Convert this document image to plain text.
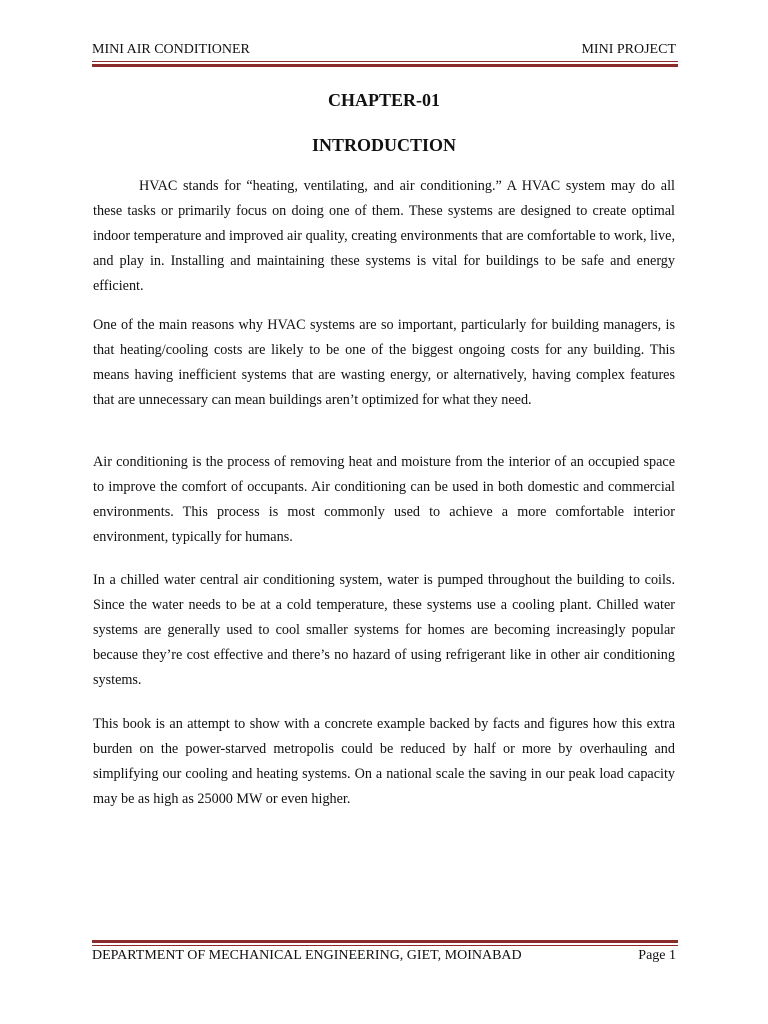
MINI AIR CONDITIONER	MINI PROJECT
CHAPTER-01
INTRODUCTION

HVAC stands for “heating, ventilating, and air conditioning.” A HVAC system may do all these tasks or primarily focus on doing one of them. These systems are designed to create optimal indoor temperature and improved air quality, creating environments that are comfortable to work, live, and play in. Installing and maintaining these systems is vital for buildings to be safe and energy efficient.

One of the main reasons why HVAC systems are so important, particularly for building managers, is that heating/cooling costs are likely to be one of the biggest ongoing costs for any building. This means having inefficient systems that are wasting energy, or alternatively, having complex features that are unnecessary can mean buildings aren’t optimized for what they need.

Air conditioning is the process of removing heat and moisture from the interior of an occupied space to improve the comfort of occupants. Air conditioning can be used in both domestic and commercial environments. This process is most commonly used to achieve a more comfortable interior environment, typically for humans.

In a chilled water central air conditioning system, water is pumped throughout the building to coils. Since the water needs to be at a cold temperature, these systems use a cooling plant. Chilled water systems are generally used to cool smaller systems for homes are becoming increasingly popular because they’re cost effective and there’s no hazard of using refrigerant like in other air conditioning systems.

This book is an attempt to show with a concrete example backed by facts and figures how this extra burden on the power-starved metropolis could be reduced by half or more by overhauling and simplifying our cooling and heating systems. On a national scale the saving in our peak load capacity may be as high as 25000 MW or even higher.

DEPARTMENT OF MECHANICAL ENGINEERING, GIET, MOINABAD	Page 1
